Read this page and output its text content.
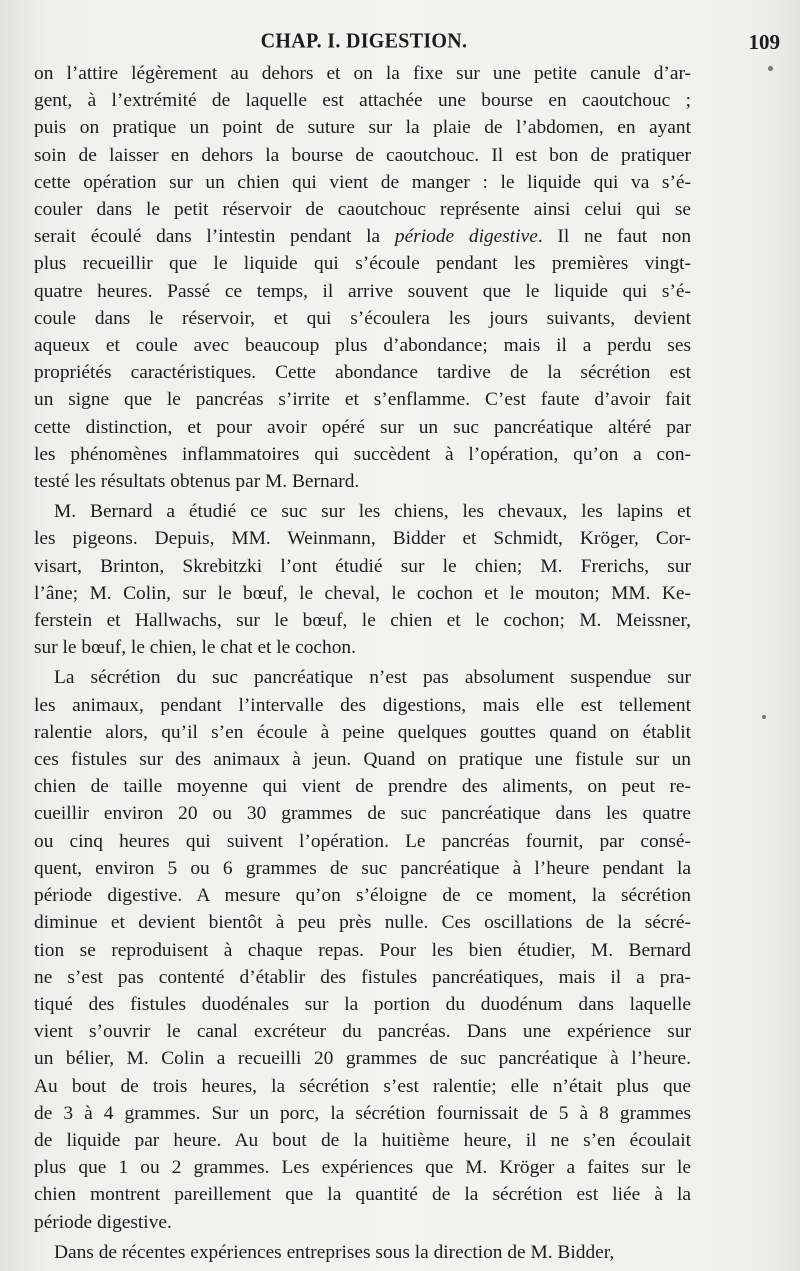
CHAP. I. DIGESTION.	109
on l’attire légèrement au dehors et on la fixe sur une petite canule d’ar-
gent, à l’extrémité de laquelle est attachée une bourse en caoutchouc ;
puis on pratique un point de suture sur la plaie de l’abdomen, en ayant
soin de laisser en dehors la bourse de caoutchouc. Il est bon de pratiquer
cette opération sur un chien qui vient de manger : le liquide qui va s’é-
couler dans le petit réservoir de caoutchouc représente ainsi celui qui se
serait écoulé dans l’intestin pendant la période digestive. Il ne faut non
plus recueillir que le liquide qui s’écoule pendant les premières vingt-
quatre heures. Passé ce temps, il arrive souvent que le liquide qui s’é-
coule dans le réservoir, et qui s’écoulera les jours suivants, devient
aqueux et coule avec beaucoup plus d’abondance; mais il a perdu ses
propriétés caractéristiques. Cette abondance tardive de la sécrétion est
un signe que le pancréas s’irrite et s’enflamme. C’est faute d’avoir fait
cette distinction, et pour avoir opéré sur un suc pancréatique altéré par
les phénomènes inflammatoires qui succèdent à l’opération, qu’on a con-
testé les résultats obtenus par M. Bernard.
M. Bernard a étudié ce suc sur les chiens, les chevaux, les lapins et
les pigeons. Depuis, MM. Weinmann, Bidder et Schmidt, Kröger, Cor-
visart, Brinton, Skrebitzki l’ont étudié sur le chien; M. Frerichs, sur
l’âne; M. Colin, sur le bœuf, le cheval, le cochon et le mouton; MM. Ke-
ferstein et Hallwachs, sur le bœuf, le chien et le cochon; M. Meissner,
sur le bœuf, le chien, le chat et le cochon.
La sécrétion du suc pancréatique n’est pas absolument suspendue sur
les animaux, pendant l’intervalle des digestions, mais elle est tellement
ralentie alors, qu’il s’en écoule à peine quelques gouttes quand on établit
ces fistules sur des animaux à jeun. Quand on pratique une fistule sur un
chien de taille moyenne qui vient de prendre des aliments, on peut re-
cueillir environ 20 ou 30 grammes de suc pancréatique dans les quatre
ou cinq heures qui suivent l’opération. Le pancréas fournit, par consé-
quent, environ 5 ou 6 grammes de suc pancréatique à l’heure pendant la
période digestive. A mesure qu’on s’éloigne de ce moment, la sécrétion
diminue et devient bientôt à peu près nulle. Ces oscillations de la sécré-
tion se reproduisent à chaque repas. Pour les bien étudier, M. Bernard
ne s’est pas contenté d’établir des fistules pancréatiques, mais il a pra-
tiqué des fistules duodénales sur la portion du duodénum dans laquelle
vient s’ouvrir le canal excréteur du pancréas. Dans une expérience sur
un bélier, M. Colin a recueilli 20 grammes de suc pancréatique à l’heure.
Au bout de trois heures, la sécrétion s’est ralentie; elle n’était plus que
de 3 à 4 grammes. Sur un porc, la sécrétion fournissait de 5 à 8 grammes
de liquide par heure. Au bout de la huitième heure, il ne s’en écoulait
plus que 1 ou 2 grammes. Les expériences que M. Kröger a faites sur le
chien montrent pareillement que la quantité de la sécrétion est liée à la
période digestive.
Dans de récentes expériences entreprises sous la direction de M. Bidder,
